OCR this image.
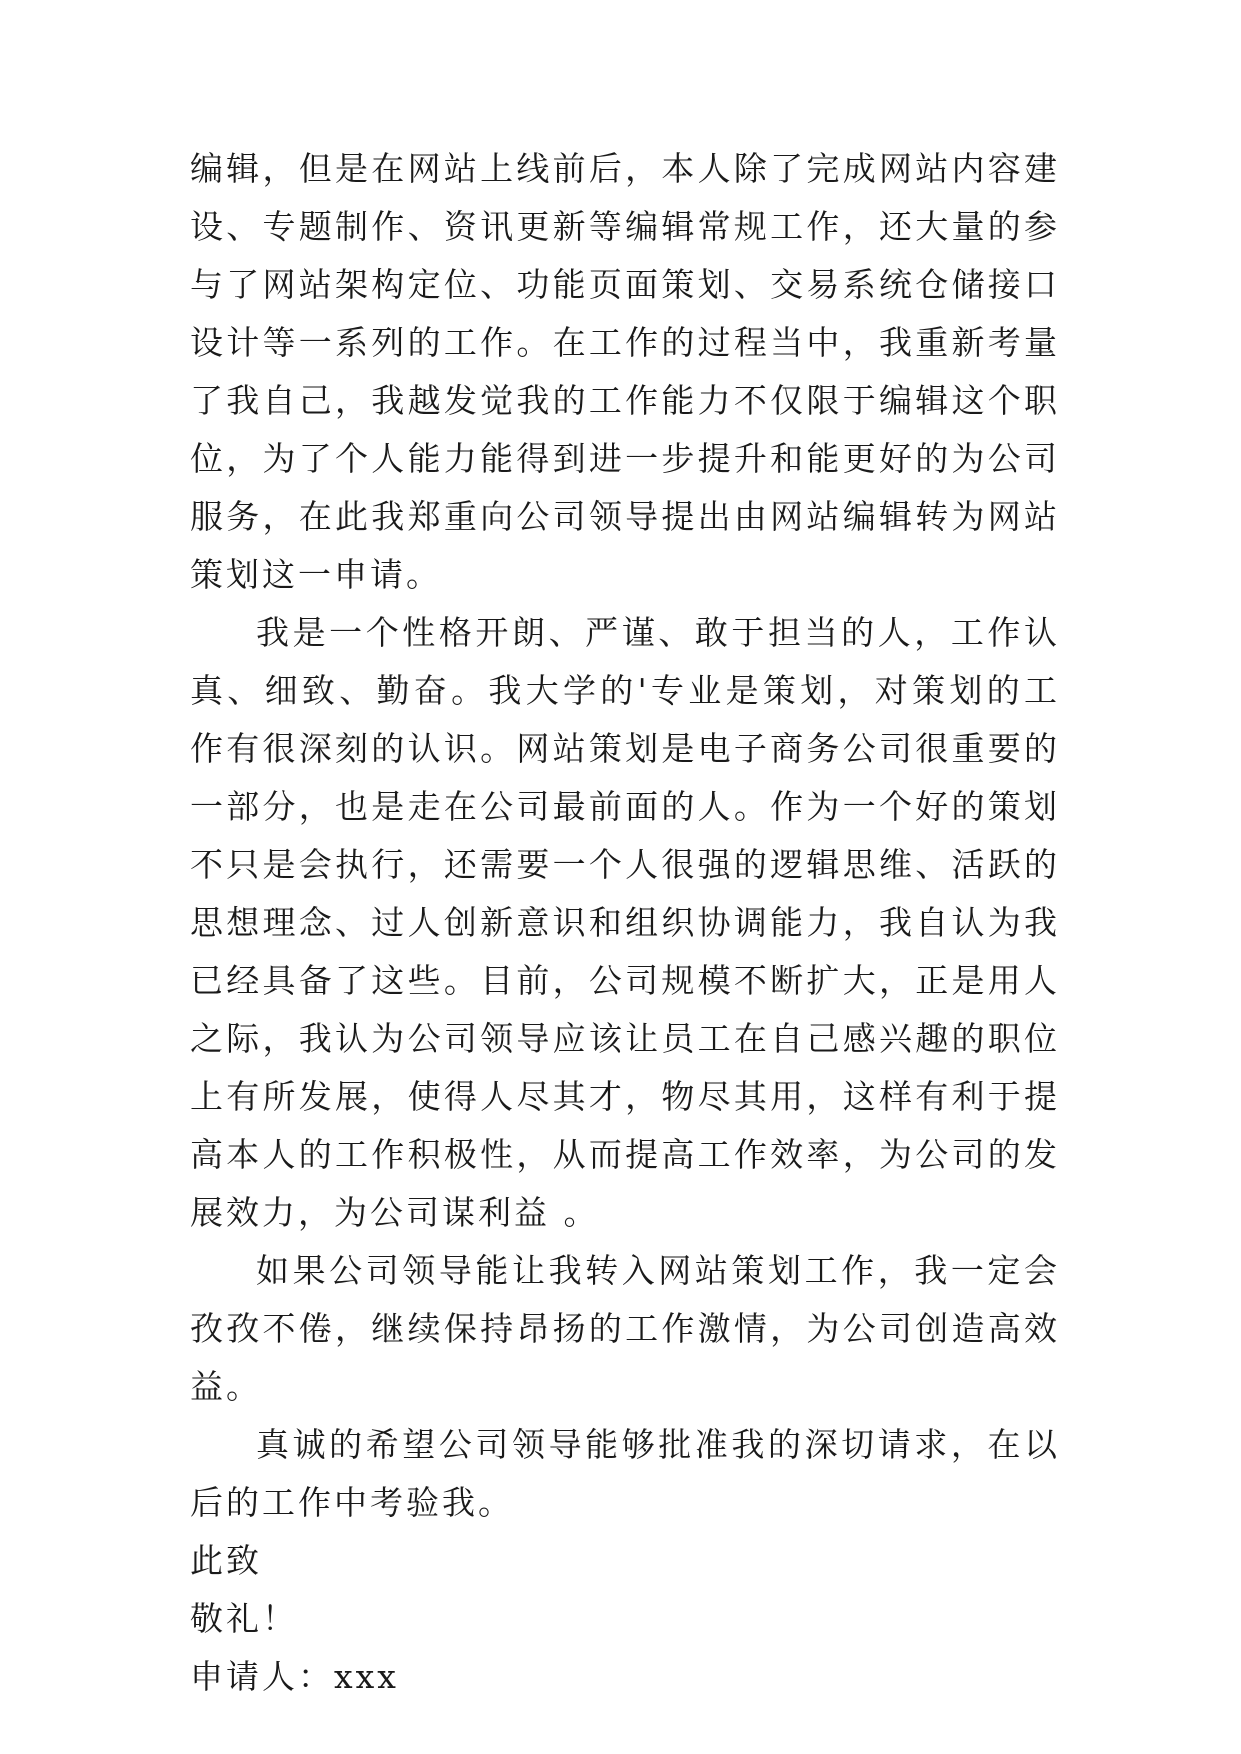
编辑，但是在网站上线前后，本人除了完成网站内容建设、专题制作、资讯更新等编辑常规工作，还大量的参与了网站架构定位、功能页面策划、交易系统仓储接口设计等一系列的工作。在工作的过程当中，我重新考量了我自己，我越发觉我的工作能力不仅限于编辑这个职位，为了个人能力能得到进一步提升和能更好的为公司服务，在此我郑重向公司领导提出由网站编辑转为网站策划这一申请。

我是一个性格开朗、严谨、敢于担当的人，工作认真、细致、勤奋。我大学的'专业是策划，对策划的工作有很深刻的认识。网站策划是电子商务公司很重要的一部分，也是走在公司最前面的人。作为一个好的策划不只是会执行，还需要一个人很强的逻辑思维、活跃的思想理念、过人创新意识和组织协调能力，我自认为我已经具备了这些。目前，公司规模不断扩大，正是用人之际，我认为公司领导应该让员工在自己感兴趣的职位上有所发展，使得人尽其才，物尽其用，这样有利于提高本人的工作积极性，从而提高工作效率，为公司的发展效力，为公司谋利益 。

如果公司领导能让我转入网站策划工作，我一定会孜孜不倦，继续保持昂扬的工作激情，为公司创造高效益。

真诚的希望公司领导能够批准我的深切请求，在以后的工作中考验我。

此致

敬礼！

申请人：xxx
